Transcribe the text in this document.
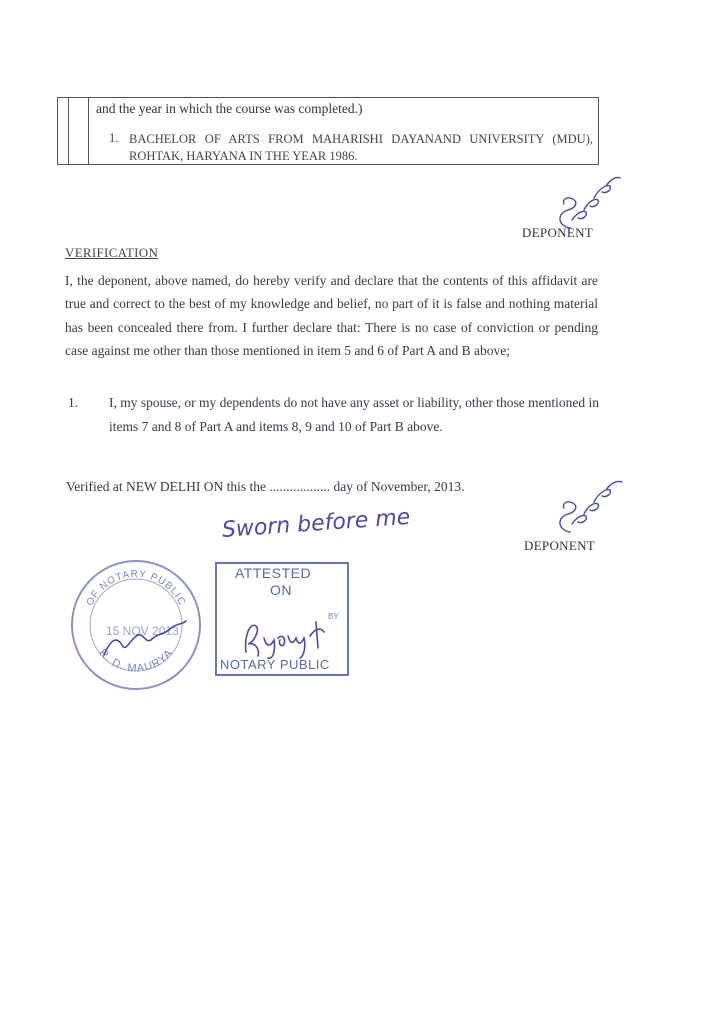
and the year in which the course was completed.)
1. BACHELOR OF ARTS FROM MAHARISHI DAYANAND UNIVERSITY (MDU), ROHTAK, HARYANA IN THE YEAR 1986.
DEPONENT
VERIFICATION

I, the deponent, above named, do hereby verify and declare that the contents of this affidavit are true and correct to the best of my knowledge and belief, no part of it is false and nothing material has been concealed there from. I further declare that: There is no case of conviction or pending case against me other than those mentioned in item 5 and 6 of Part A and B above;

1. I, my spouse, or my dependents do not have any asset or liability, other those mentioned in items 7 and 8 of Part A and items 8, 9 and 10 of Part B above.

Verified at NEW DELHI ON this the .................. day of November, 2013.
DEPONENT
Sworn before me
OF NOTARY PUBLIC
R. D. MAURYA
15 NOV 2013
ATTESTED
ON
BY
NOTARY PUBLIC
